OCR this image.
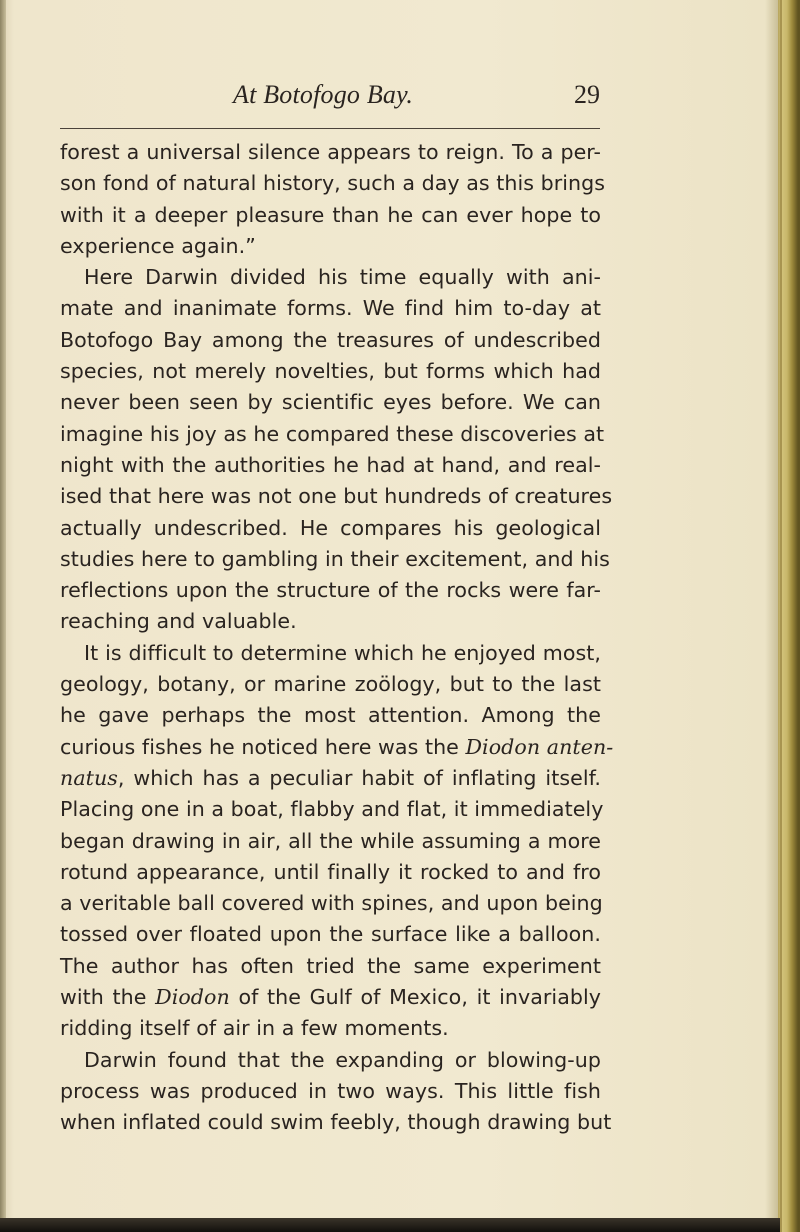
At Botofogo Bay.	29
forest a universal silence appears to reign. To a per-
son fond of natural history, such a day as this brings
with it a deeper pleasure than he can ever hope to
experience again.”
Here Darwin divided his time equally with ani-
mate and inanimate forms. We find him to-day at
Botofogo Bay among the treasures of undescribed
species, not merely novelties, but forms which had
never been seen by scientific eyes before. We can
imagine his joy as he compared these discoveries at
night with the authorities he had at hand, and real-
ised that here was not one but hundreds of creatures
actually undescribed. He compares his geological
studies here to gambling in their excitement, and his
reflections upon the structure of the rocks were far-
reaching and valuable.
It is difficult to determine which he enjoyed most,
geology, botany, or marine zoölogy, but to the last
he gave perhaps the most attention. Among the
curious fishes he noticed here was the Diodon anten-
natus, which has a peculiar habit of inflating itself.
Placing one in a boat, flabby and flat, it immediately
began drawing in air, all the while assuming a more
rotund appearance, until finally it rocked to and fro
a veritable ball covered with spines, and upon being
tossed over floated upon the surface like a balloon.
The author has often tried the same experiment
with the Diodon of the Gulf of Mexico, it invariably
ridding itself of air in a few moments.
Darwin found that the expanding or blowing-up
process was produced in two ways. This little fish
when inflated could swim feebly, though drawing but
